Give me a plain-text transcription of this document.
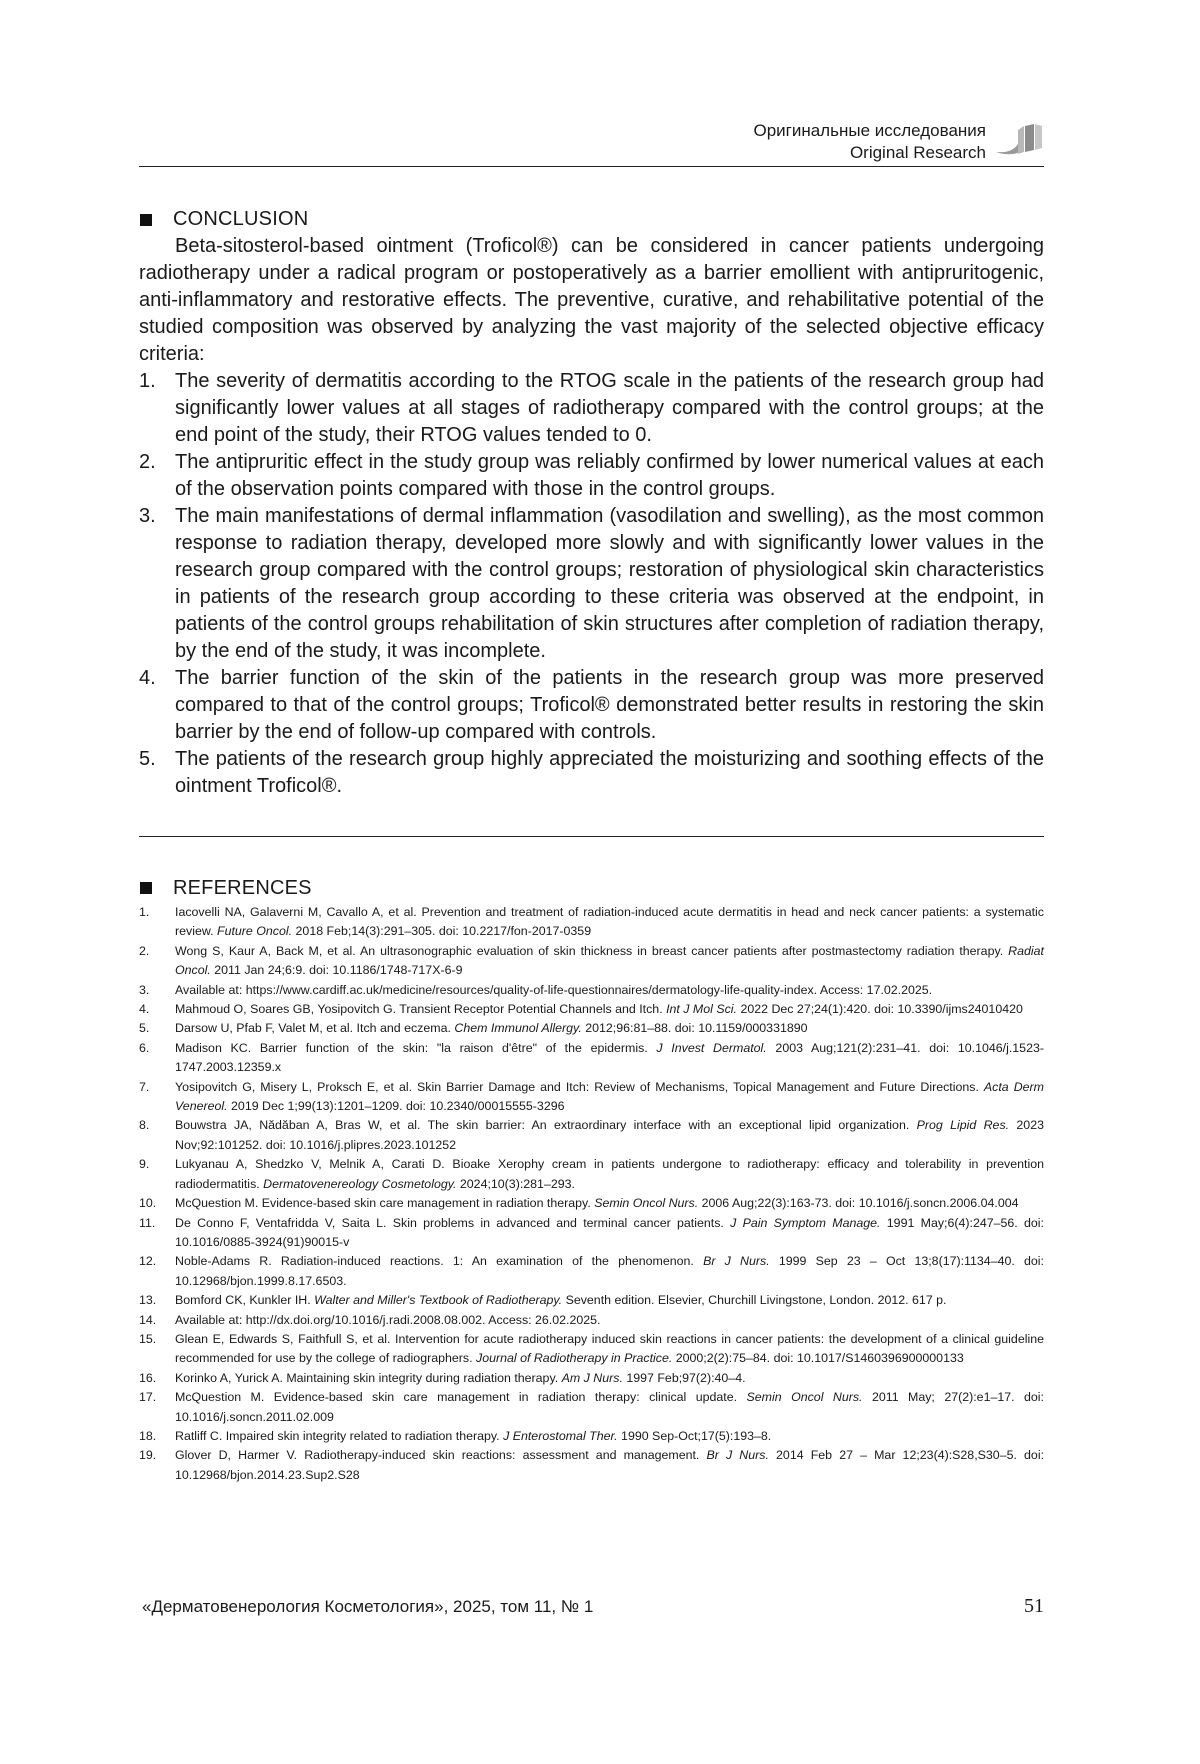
Оригинальные исследования
Original Research
CONCLUSION

Beta-sitosterol-based ointment (Troficol®) can be considered in cancer patients undergoing radiotherapy under a radical program or postoperatively as a barrier emollient with antipruritogenic, anti-inflammatory and restorative effects. The preventive, curative, and rehabilitative potential of the studied composition was observed by analyzing the vast majority of the selected objective efficacy criteria:

1. The severity of dermatitis according to the RTOG scale in the patients of the research group had significantly lower values at all stages of radiotherapy compared with the control groups; at the end point of the study, their RTOG values tended to 0.
2. The antipruritic effect in the study group was reliably confirmed by lower numerical values at each of the observation points compared with those in the control groups.
3. The main manifestations of dermal inflammation (vasodilation and swelling), as the most common response to radiation therapy, developed more slowly and with significantly lower values in the research group compared with the control groups; restoration of physiological skin characteristics in patients of the research group according to these criteria was observed at the endpoint, in patients of the control groups rehabilitation of skin structures after completion of radiation therapy, by the end of the study, it was incomplete.
4. The barrier function of the skin of the patients in the research group was more preserved compared to that of the control groups; Troficol® demonstrated better results in restoring the skin barrier by the end of follow-up compared with controls.
5. The patients of the research group highly appreciated the moisturizing and soothing effects of the ointment Troficol®.
REFERENCES
1. Iacovelli NA, Galaverni M, Cavallo A, et al. Prevention and treatment of radiation-induced acute dermatitis in head and neck cancer patients: a systematic review. Future Oncol. 2018 Feb;14(3):291–305. doi: 10.2217/fon-2017-0359
2. Wong S, Kaur A, Back M, et al. An ultrasonographic evaluation of skin thickness in breast cancer patients after postmastectomy radiation therapy. Radiat Oncol. 2011 Jan 24;6:9. doi: 10.1186/1748-717X-6-9
3. Available at: https://www.cardiff.ac.uk/medicine/resources/quality-of-life-questionnaires/dermatology-life-quality-index. Access: 17.02.2025.
4. Mahmoud O, Soares GB, Yosipovitch G. Transient Receptor Potential Channels and Itch. Int J Mol Sci. 2022 Dec 27;24(1):420. doi: 10.3390/ijms24010420
5. Darsow U, Pfab F, Valet M, et al. Itch and eczema. Chem Immunol Allergy. 2012;96:81–88. doi: 10.1159/000331890
6. Madison KC. Barrier function of the skin: "la raison d'être" of the epidermis. J Invest Dermatol. 2003 Aug;121(2):231–41. doi: 10.1046/j.1523-1747.2003.12359.x
7. Yosipovitch G, Misery L, Proksch E, et al. Skin Barrier Damage and Itch: Review of Mechanisms, Topical Management and Future Directions. Acta Derm Venereol. 2019 Dec 1;99(13):1201–1209. doi: 10.2340/00015555-3296
8. Bouwstra JA, Nădăban A, Bras W, et al. The skin barrier: An extraordinary interface with an exceptional lipid organization. Prog Lipid Res. 2023 Nov;92:101252. doi: 10.1016/j.plipres.2023.101252
9. Lukyanau A, Shedzko V, Melnik A, Carati D. Bioake Xerophy cream in patients undergone to radiotherapy: efficacy and tolerability in prevention radiodermatitis. Dermatovenereology Cosmetology. 2024;10(3):281–293.
10. McQuestion M. Evidence-based skin care management in radiation therapy. Semin Oncol Nurs. 2006 Aug;22(3):163-73. doi: 10.1016/j.soncn.2006.04.004
11. De Conno F, Ventafridda V, Saita L. Skin problems in advanced and terminal cancer patients. J Pain Symptom Manage. 1991 May;6(4):247–56. doi: 10.1016/0885-3924(91)90015-v
12. Noble-Adams R. Radiation-induced reactions. 1: An examination of the phenomenon. Br J Nurs. 1999 Sep 23 – Oct 13;8(17):1134–40. doi: 10.12968/bjon.1999.8.17.6503.
13. Bomford CK, Kunkler IH. Walter and Miller's Textbook of Radiotherapy. Seventh edition. Elsevier, Churchill Livingstone, London. 2012. 617 p.
14. Available at: http://dx.doi.org/10.1016/j.radi.2008.08.002. Access: 26.02.2025.
15. Glean E, Edwards S, Faithfull S, et al. Intervention for acute radiotherapy induced skin reactions in cancer patients: the development of a clinical guideline recommended for use by the college of radiographers. Journal of Radiotherapy in Practice. 2000;2(2):75–84. doi: 10.1017/S1460396900000133
16. Korinko A, Yurick A. Maintaining skin integrity during radiation therapy. Am J Nurs. 1997 Feb;97(2):40–4.
17. McQuestion M. Evidence-based skin care management in radiation therapy: clinical update. Semin Oncol Nurs. 2011 May; 27(2):e1–17. doi: 10.1016/j.soncn.2011.02.009
18. Ratliff C. Impaired skin integrity related to radiation therapy. J Enterostomal Ther. 1990 Sep-Oct;17(5):193–8.
19. Glover D, Harmer V. Radiotherapy-induced skin reactions: assessment and management. Br J Nurs. 2014 Feb 27 – Mar 12;23(4):S28,S30–5. doi: 10.12968/bjon.2014.23.Sup2.S28
«Дерматовенерология Косметология», 2025, том 11, № 1	51
